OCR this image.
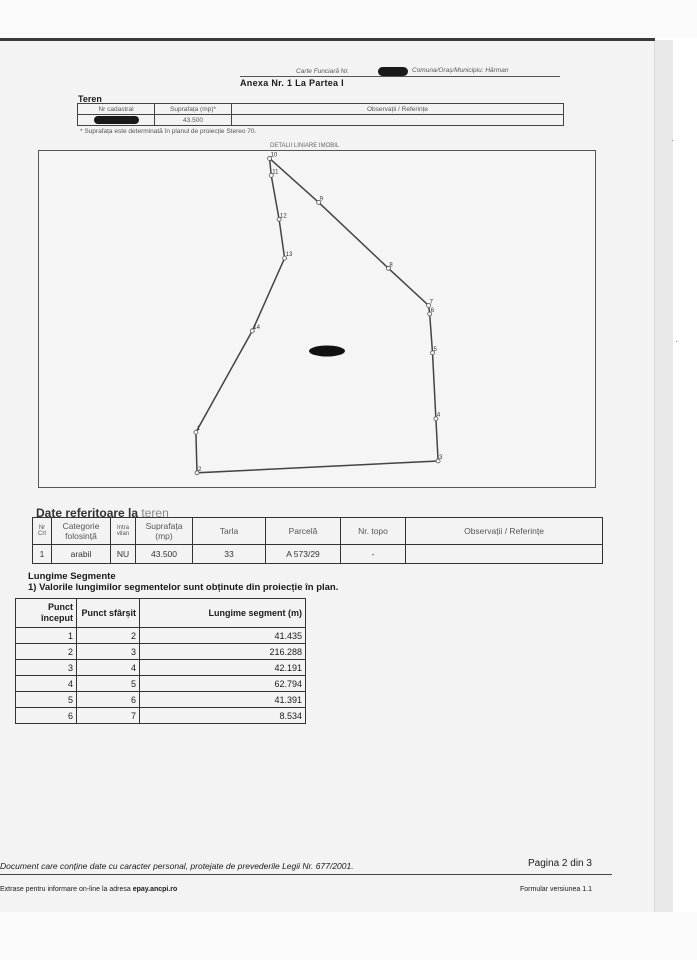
·
·
Carte Funciară Nr.	Comuna/Oraș/Municipiu: Hărman
Anexa Nr. 1 La Partea I
Teren
Nr cadastral	Suprafața (mp)*	Observații / Referințe
	43.500	
* Suprafața este determinată în planul de proiecție Stereo 70.
DETALII LINIARE IMOBIL
1
2
3
4
5
6
7
8
9
10
11
12
13
14
Date referitoare la teren
Nr Crt	Categorie folosință	Intra vilan	Suprafața (mp)	Tarla	Parcelă	Nr. topo	Observații / Referințe
1	arabil	NU	43.500	33	A 573/29	-	
Lungime Segmente
1) Valorile lungimilor segmentelor sunt obținute din proiecție în plan.
Punct început	Punct sfârșit	Lungime segment (m)
1	2	41.435
2	3	216.288
3	4	42.191
4	5	62.794
5	6	41.391
6	7	8.534
Document care conține date cu caracter personal, protejate de prevederile Legii Nr. 677/2001.	Pagina 2 din 3
Extrase pentru informare on-line la adresa epay.ancpi.ro	Formular versiunea 1.1
